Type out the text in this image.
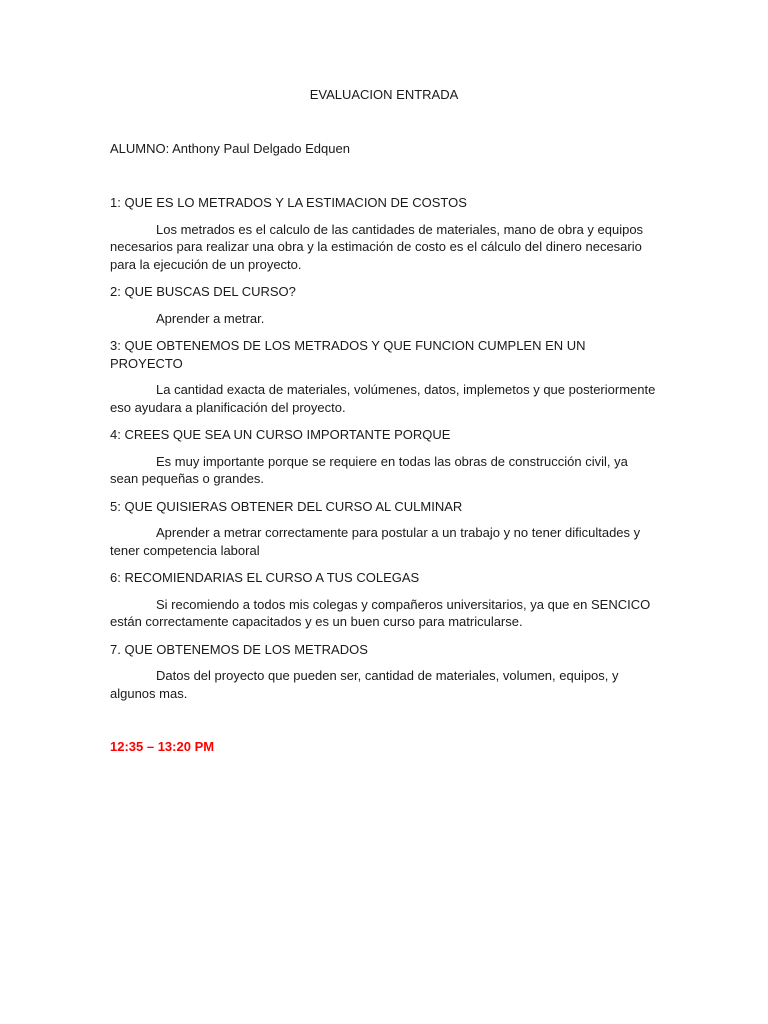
EVALUACION ENTRADA

ALUMNO: Anthony Paul Delgado Edquen

1: QUE ES LO METRADOS Y LA ESTIMACION DE COSTOS

Los metrados es el calculo de las cantidades de materiales, mano de obra y equipos necesarios para realizar una obra y la estimación de costo es el cálculo del dinero necesario para la ejecución de un proyecto.

2: QUE BUSCAS DEL CURSO?

Aprender a metrar.

3: QUE OBTENEMOS DE LOS METRADOS Y QUE FUNCION CUMPLEN EN UN PROYECTO

La cantidad exacta de materiales, volúmenes, datos, implemetos y que posteriormente eso ayudara a planificación del proyecto.

4: CREES QUE SEA UN CURSO IMPORTANTE PORQUE

Es muy importante porque se requiere en todas las obras de construcción civil, ya sean pequeñas o grandes.

5: QUE QUISIERAS OBTENER DEL CURSO AL CULMINAR

Aprender a metrar correctamente para postular a un trabajo y no tener dificultades y tener competencia laboral

6: RECOMIENDARIAS EL CURSO A TUS COLEGAS

Si recomiendo a todos mis colegas y compañeros universitarios, ya que en SENCICO están correctamente capacitados y es un buen curso para matricularse.

7. QUE OBTENEMOS DE LOS METRADOS

Datos del proyecto que pueden ser, cantidad de materiales, volumen, equipos, y algunos mas.

12:35 – 13:20 PM
